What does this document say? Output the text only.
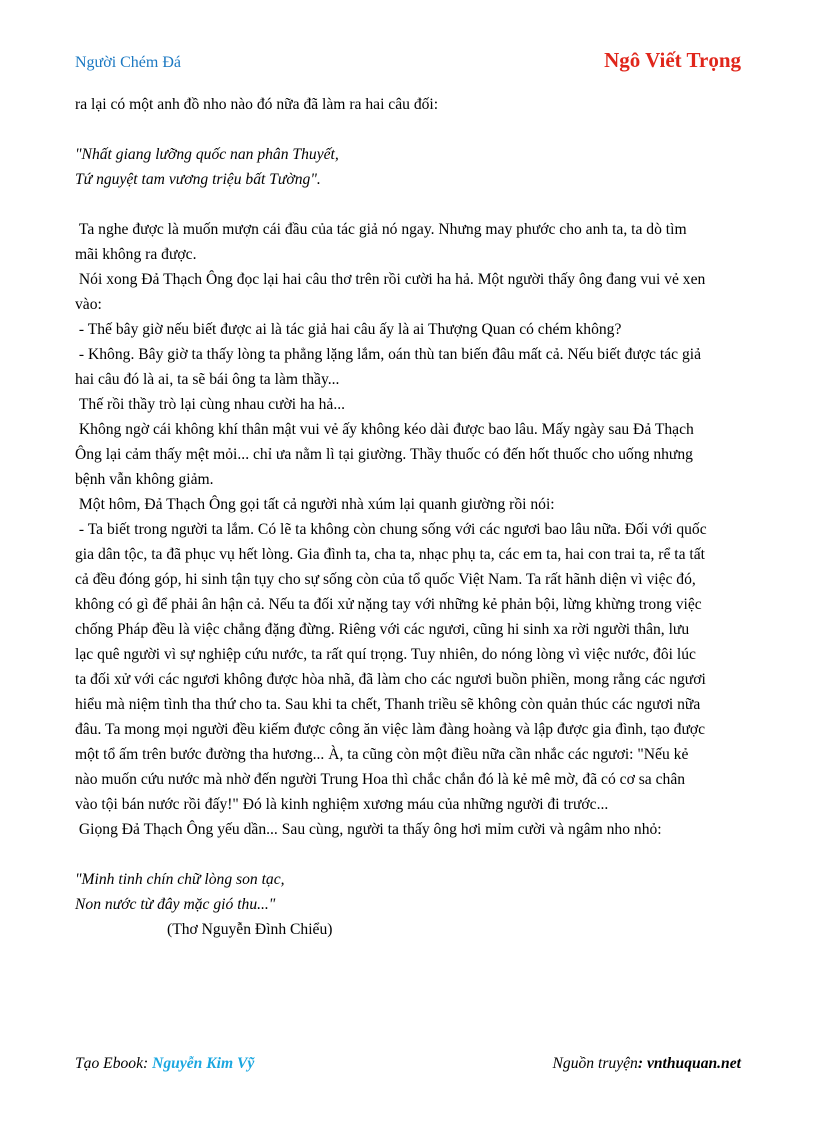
Người Chém Đá	Ngô Viết Trọng

ra lại có một anh đồ nho nào đó nữa đã làm ra hai câu đối:

"Nhất giang lưỡng quốc nan phân Thuyết,

Tứ nguyệt tam vương triệu bất Tường".

Ta nghe được là muốn mượn cái đầu của tác giả nó ngay. Nhưng may phước cho anh ta, ta dò tìm

mãi không ra được.

Nói xong Đả Thạch Ông đọc lại hai câu thơ trên rồi cười ha hả. Một người thấy ông đang vui vẻ xen

vào:

- Thế bây giờ nếu biết được ai là tác giả hai câu ấy là ai Thượng Quan có chém không?

- Không. Bây giờ ta thấy lòng ta phẳng lặng lắm, oán thù tan biến đâu mất cả. Nếu biết được tác giả

hai câu đó là ai, ta sẽ bái ông ta làm thầy...

Thế rồi thầy trò lại cùng nhau cười ha hả...

Không ngờ cái không khí thân mật vui vẻ ấy không kéo dài được bao lâu. Mấy ngày sau Đả Thạch

Ông lại cảm thấy mệt mỏi... chỉ ưa nằm lì tại giường. Thầy thuốc có đến hốt thuốc cho uống nhưng

bệnh vẫn không giảm.

Một hôm, Đả Thạch Ông gọi tất cả người nhà xúm lại quanh giường rồi nói:

- Ta biết trong người ta lắm. Có lẽ ta không còn chung sống với các ngươi bao lâu nữa. Đối với quốc

gia dân tộc, ta đã phục vụ hết lòng. Gia đình ta, cha ta, nhạc phụ ta, các em ta, hai con trai ta, rể ta tất

cả đều đóng góp, hi sinh tận tụy cho sự sống còn của tổ quốc Việt Nam. Ta rất hãnh diện vì việc đó,

không có gì để phải ân hận cả. Nếu ta đối xử nặng tay với những kẻ phản bội, lừng khừng trong việc

chống Pháp đều là việc chẳng đặng đừng. Riêng với các ngươi, cũng hi sinh xa rời người thân, lưu

lạc quê người vì sự nghiệp cứu nước, ta rất quí trọng. Tuy nhiên, do nóng lòng vì việc nước, đôi lúc

ta đối xử với các ngươi không được hòa nhã, đã làm cho các ngươi buồn phiền, mong rằng các ngươi

hiểu mà niệm tình tha thứ cho ta. Sau khi ta chết, Thanh triều sẽ không còn quản thúc các ngươi nữa

đâu. Ta mong mọi người đều kiếm được công ăn việc làm đàng hoàng và lập được gia đình, tạo được

một tổ ấm trên bước đường tha hương... À, ta cũng còn một điều nữa cần nhắc các ngươi: "Nếu kẻ

nào muốn cứu nước mà nhờ đến người Trung Hoa thì chắc chắn đó là kẻ mê mờ, đã có cơ sa chân

vào tội bán nước rồi đấy!" Đó là kinh nghiệm xương máu của những người đi trước...

Giọng Đả Thạch Ông yếu dần... Sau cùng, người ta thấy ông hơi mỉm cười và ngâm nho nhỏ:

"Minh tinh chín chữ lòng son tạc,

Non nước từ đây mặc gió thu..."

(Thơ Nguyễn Đình Chiểu)

Tạo Ebook: Nguyễn Kim Vỹ	Nguồn truyện: vnthuquan.net
